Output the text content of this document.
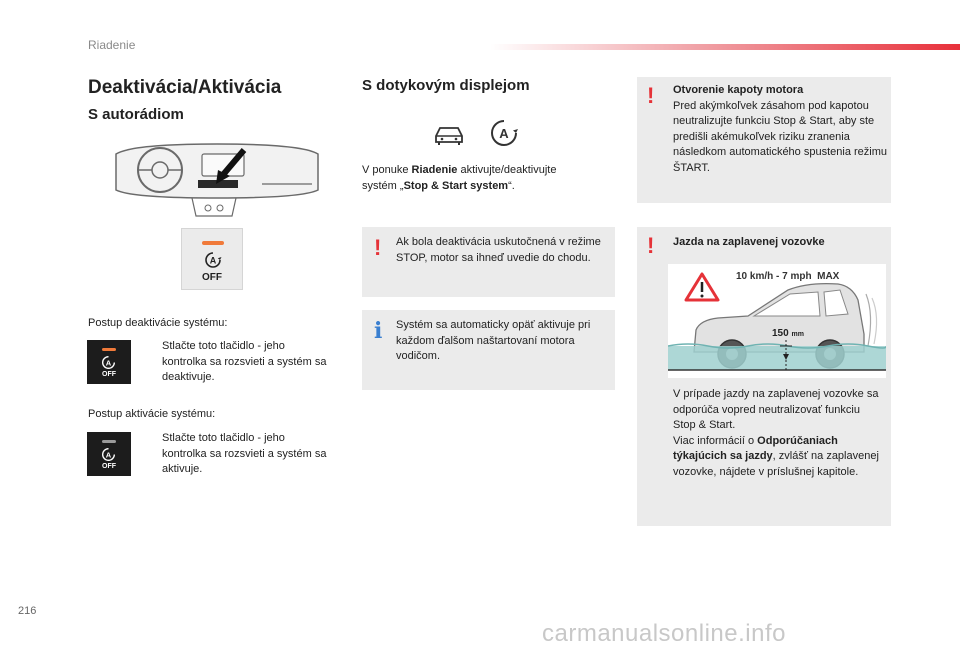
Riadenie
Deaktivácia/Aktivácia
S autorádiom
A
OFF
Postup deaktivácie systému:
A
OFF
Stlačte toto tlačidlo - jeho kontrolka sa rozsvieti a systém sa deaktivuje.
Postup aktivácie systému:
A
OFF
Stlačte toto tlačidlo - jeho kontrolka sa rozsvieti a systém sa aktivuje.
S dotykovým displejom
A
V ponuke Riadenie aktivujte/deaktivujte systém „Stop & Start system“.
! Ak bola deaktivácia uskutočnená v režime STOP, motor sa ihneď uvedie do chodu.
i Systém sa automaticky opäť aktivuje pri každom ďalšom naštartovaní motora vodičom.
! Otvorenie kapoty motora
Pred akýmkoľvek zásahom pod kapotou neutralizujte funkciu Stop & Start, aby ste predišli akémukoľvek riziku zranenia následkom automatického spustenia režimu ŠTART.
! Jazda na zaplavenej vozovke
10 km/h - 7 mph  MAX
150 mm
V prípade jazdy na zaplavenej vozovke sa odporúča vopred neutralizovať funkciu Stop & Start.
Viac informácií o Odporúčaniach týkajúcich sa jazdy, zvlášť na zaplavenej vozovke, nájdete v príslušnej kapitole.
216
carmanualsonline.info
